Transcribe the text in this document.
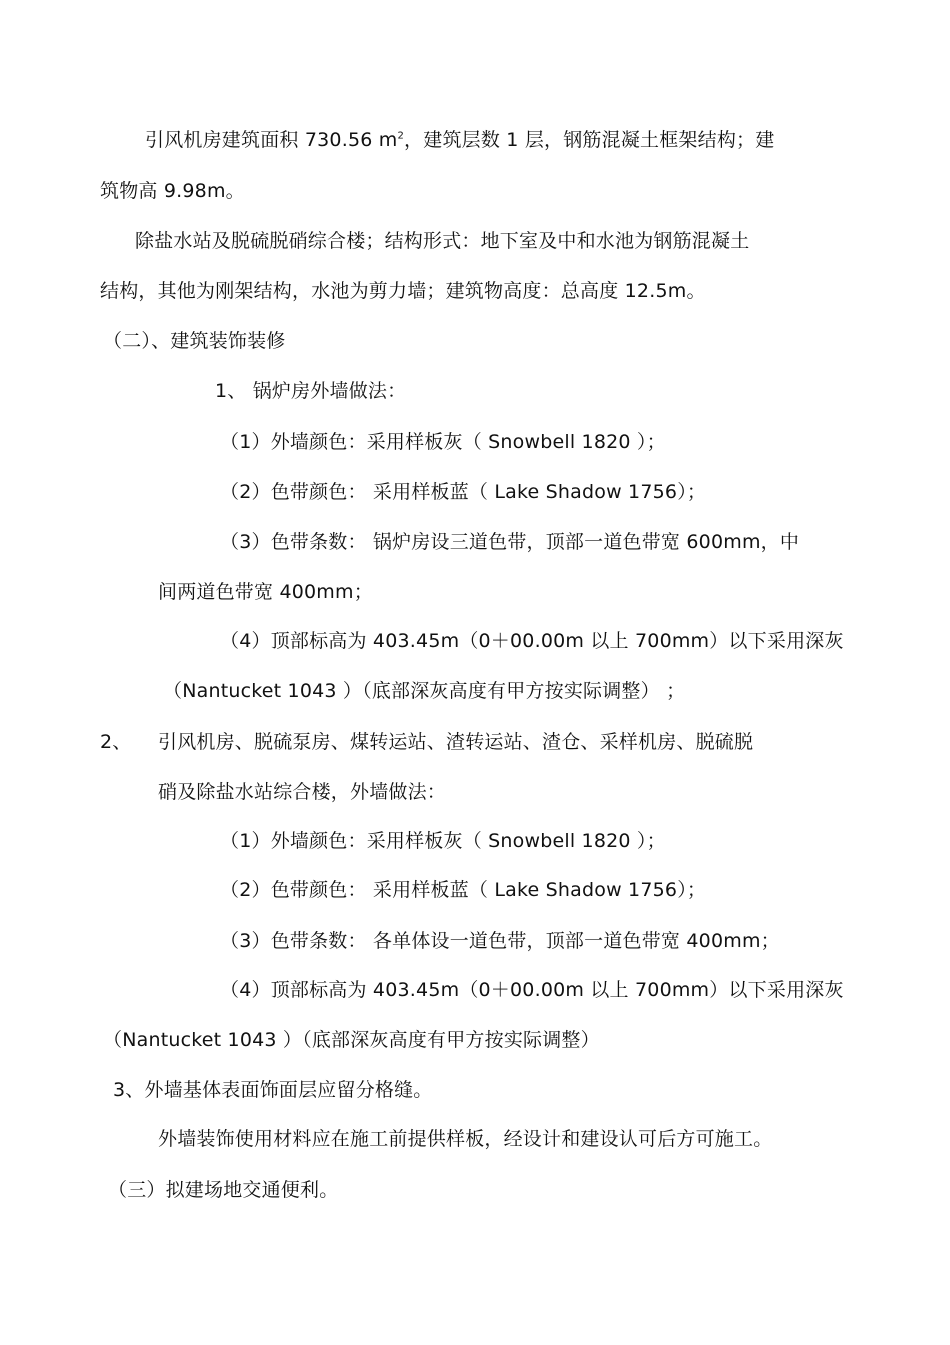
引风机房建筑面积 730.56 $m^2$，建筑层数 1 层，钢筋混凝土框架结构；建
筑物高 9.98m。
除盐水站及脱硫脱硝综合楼；结构形式：地下室及中和水池为钢筋混凝土
结构，其他为刚架结构，水池为剪力墙；建筑物高度：总高度 12.5m。
（二）、建筑装饰装修
1、 锅炉房外墙做法：
（1）外墙颜色：采用样板灰（ Snowbell 1820 ）；
（2）色带颜色： 采用样板蓝（ Lake Shadow 1756）；
（3）色带条数： 锅炉房设三道色带，顶部一道色带宽 600mm，中
间两道色带宽 400mm；
（4）顶部标高为 403.45m（0＋00.00m 以上 700mm）以下采用深灰
（Nantucket 1043 ）（底部深灰高度有甲方按实际调整） ；
2、 引风机房、脱硫泵房、煤转运站、渣转运站、渣仓、采样机房、脱硫脱
硝及除盐水站综合楼，外墙做法：
（1）外墙颜色：采用样板灰（ Snowbell 1820 ）；
（2）色带颜色： 采用样板蓝（ Lake Shadow 1756）；
（3）色带条数： 各单体设一道色带，顶部一道色带宽 400mm；
（4）顶部标高为 403.45m（0＋00.00m 以上 700mm）以下采用深灰
（Nantucket 1043 ）（底部深灰高度有甲方按实际调整）
3、外墙基体表面饰面层应留分格缝。
外墙装饰使用材料应在施工前提供样板，经设计和建设认可后方可施工。
（三）拟建场地交通便利。
